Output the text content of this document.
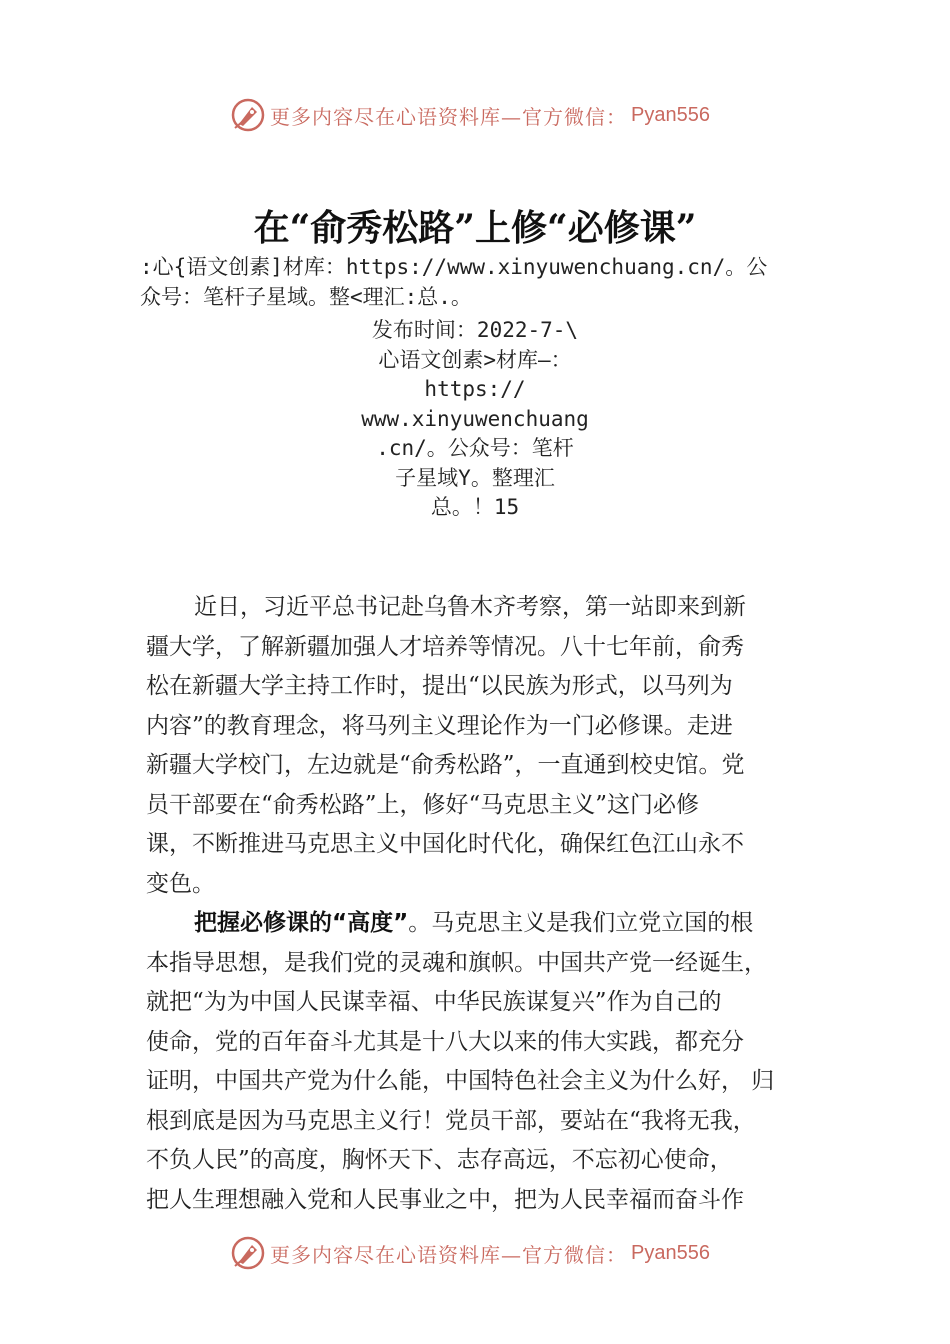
更多内容尽在心语资料库—官方微信： Pyan556
在“俞秀松路”上修“必修课”
:心{语文创素]材库：https://www.xinyuwenchuang.cn/。公
众号：笔杆子星域。整<理汇:总.。
发布时间：2022-7-\
心语文创素>材库—：
https://
www.xinyuwenchuang
.cn/。公众号：笔杆
子星域Y。整理汇
总。！15
近日，习近平总书记赴乌鲁木齐考察，第一站即来到新
疆大学，了解新疆加强人才培养等情况。八十七年前，俞秀
松在新疆大学主持工作时，提出“以民族为形式，以马列为
内容”的教育理念，将马列主义理论作为一门必修课。走进
新疆大学校门，左边就是“俞秀松路”，一直通到校史馆。党
员干部要在“俞秀松路”上，修好“马克思主义”这门必修
课，不断推进马克思主义中国化时代化，确保红色江山永不
变色。
把握必修课的“高度”。马克思主义是我们立党立国的根
本指导思想，是我们党的灵魂和旗帜。中国共产党一经诞生，
就把“为为中国人民谋幸福、中华民族谋复兴”作为自己的
使命，党的百年奋斗尤其是十八大以来的伟大实践，都充分
证明，中国共产党为什么能，中国特色社会主义为什么好， 归
根到底是因为马克思主义行！党员干部，要站在“我将无我，
不负人民”的高度，胸怀天下、志存高远，不忘初心使命，
把人生理想融入党和人民事业之中，把为人民幸福而奋斗作
更多内容尽在心语资料库—官方微信： Pyan556
